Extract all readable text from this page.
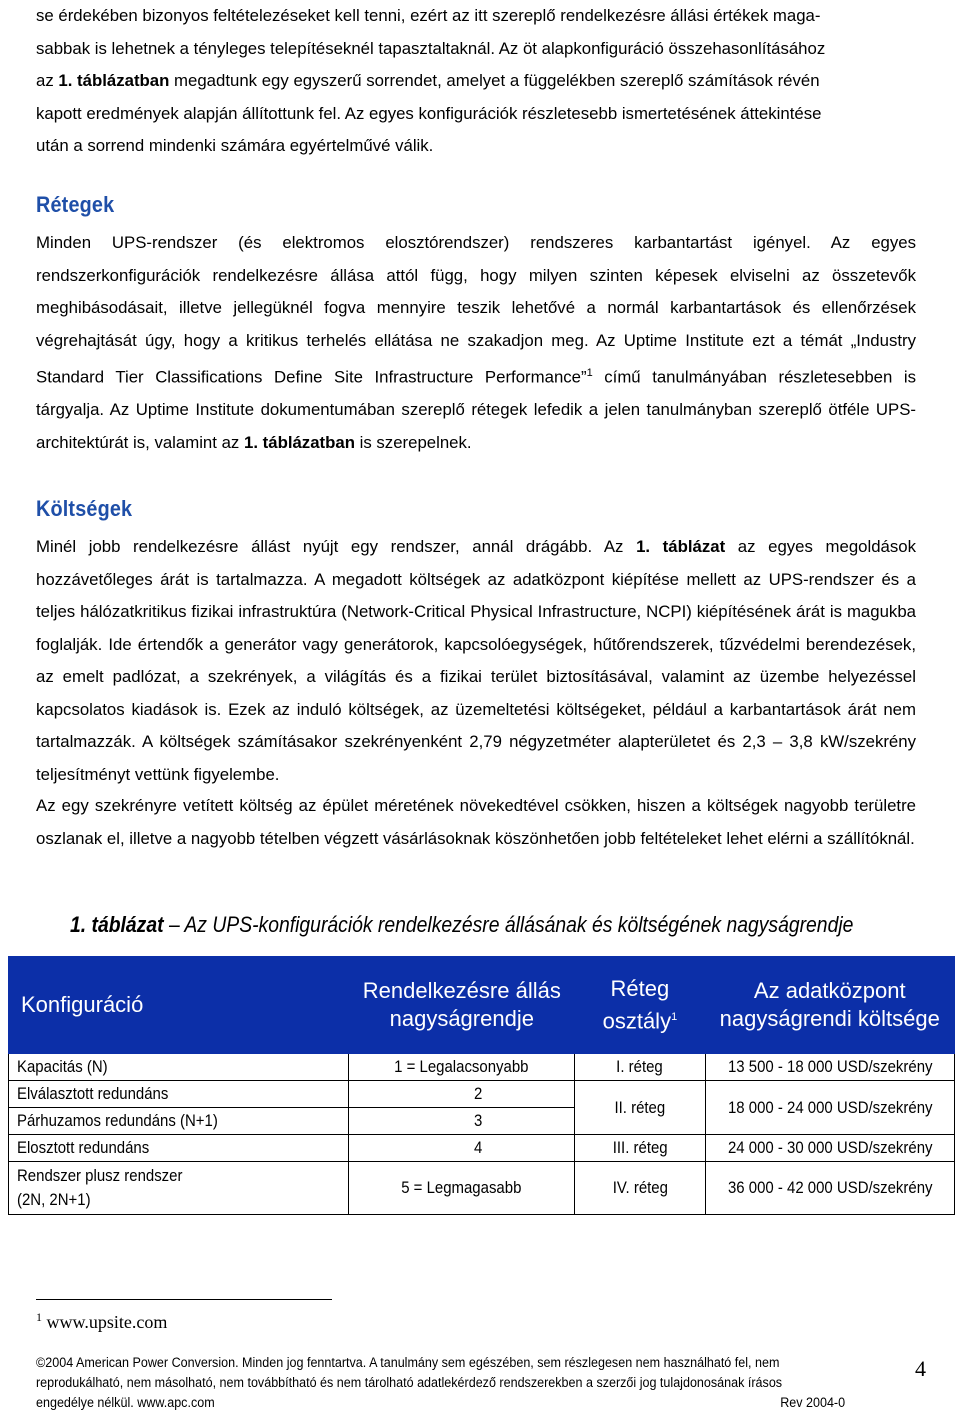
se érdekében bizonyos feltételezéseket kell tenni, ezért az itt szereplő rendelkezésre állási értékek maga-
sabbak is lehetnek a tényleges telepítéseknél tapasztaltaknál. Az öt alapkonfiguráció összehasonlításához
az 1. táblázatban megadtunk egy egyszerű sorrendet, amelyet a függelékben szereplő számítások révén
kapott eredmények alapján állítottunk fel. Az egyes konfigurációk részletesebb ismertetésének áttekintése
után a sorrend mindenki számára egyértelművé válik.
Rétegek
Minden UPS-rendszer (és elektromos elosztórendszer) rendszeres karbantartást igényel. Az egyes rendszerkonfigurációk rendelkezésre állása attól függ, hogy milyen szinten képesek elviselni az összetevők meghibásodásait, illetve jellegüknél fogva mennyire teszik lehetővé a normál karbantartások és ellenőrzések végrehajtását úgy, hogy a kritikus terhelés ellátása ne szakadjon meg. Az Uptime Institute ezt a témát „Industry Standard Tier Classifications Define Site Infrastructure Performance”$^1$ című tanulmányában részletesebben is tárgyalja. Az Uptime Institute dokumentumában szereplő rétegek lefedik a jelen tanulmányban szereplő ötféle UPS-architektúrát is, valamint az 1. táblázatban is szerepelnek.
Költségek
Minél jobb rendelkezésre állást nyújt egy rendszer, annál drágább. Az 1. táblázat az egyes megoldások hozzávetőleges árát is tartalmazza. A megadott költségek az adatközpont kiépítése mellett az UPS-rendszer és a teljes hálózatkritikus fizikai infrastruktúra (Network-Critical Physical Infrastructure, NCPI) kiépítésének árát is magukba foglalják. Ide értendők a generátor vagy generátorok, kapcsolóegységek, hűtőrendszerek, tűzvédelmi berendezések, az emelt padlózat, a szekrények, a világítás és a fizikai terület biztosításával, valamint az üzembe helyezéssel kapcsolatos kiadások is. Ezek az induló költségek, az üzemeltetési költségeket, például a karbantartások árát nem tartalmazzák. A költségek számításakor szekrényenként 2,79 négyzetméter alapterületet és 2,3 – 3,8 kW/szekrény teljesítményt vettünk figyelembe.
Az egy szekrényre vetített költség az épület méretének növekedtével csökken, hiszen a költségek nagyobb területre oszlanak el, illetve a nagyobb tételben végzett vásárlásoknak köszönhetően jobb feltételeket lehet elérni a szállítóknál.
1. táblázat – Az UPS-konfigurációk rendelkezésre állásának és költségének nagyságrendje
Konfiguráció	Rendelkezésre állás nagyságrendje	Réteg osztály$^1$	Az adatközpont nagyságrendi költsége
Kapacitás (N)	1 = Legalacsonyabb	I. réteg	13 500 - 18 000 USD/szekrény
Elválasztott redundáns	2	II. réteg	18 000 - 24 000 USD/szekrény
Párhuzamos redundáns (N+1)	3		
Elosztott redundáns	4	III. réteg	24 000 - 30 000 USD/szekrény
Rendszer plusz rendszer
(2N, 2N+1)	5 = Legmagasabb	IV. réteg	36 000 - 42 000 USD/szekrény
$^1$ www.upsite.com
©2004 American Power Conversion. Minden jog fenntartva. A tanulmány sem egészében, sem részlegesen nem használható fel, nem
reprodukálható, nem másolható, nem továbbítható és nem tárolható adatlekérdező rendszerekben a szerzői jog tulajdonosának írásos
engedélye nélkül. www.apc.com	Rev 2004-0
4
